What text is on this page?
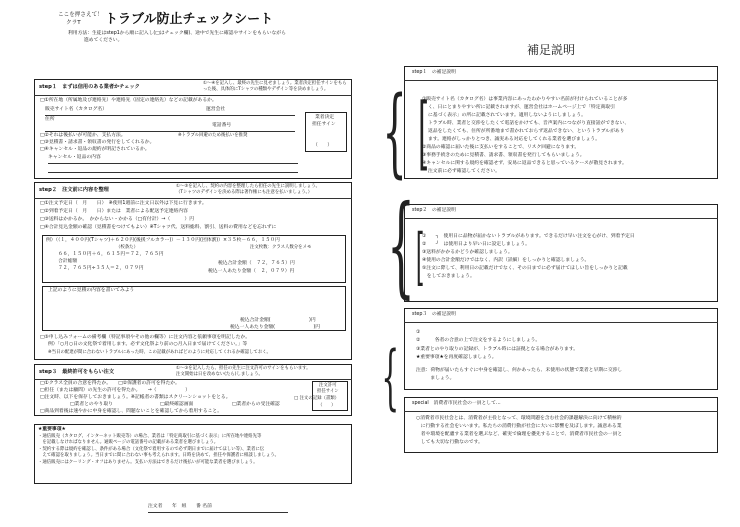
ここを押さえて！
クラT トラブル防止チェックシート
利用方法：生徒はstep1から順に記入し(□はチェック欄)、途中で先生に確認やサインをもらいながら
進めてください。
step１　まずは信用のある業者かチェック
①～④を記入し、最終の先生に見せましょう。業者決定担任サインをもら
った後、具体的にTシャツの種類やデザイン等を決めましょう。
□①所在地（所属地及び連絡先）や連絡先（固定の連絡先）などの記載があるか。
販売サイト名（カタログ名）	運営会社
住所
電話番号
□②それは後払いが可能か、支払方法。	※トラブル回避のため後払いを推奨
□③見積書・請求書・領収書の発行をしてくれるか。
□④キャンセル・返品の規約が明記されているか。
キャンセル・返品の内容
業者決定
担任サイン
（　　）
step２　注文前に内容を整理
①～⑤を記入し、契約の内容を整理したら担任の先生に説明しましょう。
（Tシャツのデザインを決める際は著作権にも注意を払いましょう。）
□①注文予定日（　月　　日）　※使用1週前に注文日以外は下見に行きます。
□②到着予定日（　月　　日）または　業者による配送予定連絡内容
□③送料はかかるか。　かからない・かかる（□有付計）→（　　　）円
□④合計見込金額の確認（見積書をつけてもよい）※Tシャツ代、送料総料、割引、送料の費用などを忘れずに
例）（（１，４００円(Tシャツ)＋６２０円(後援フルカラー)）－１３０円(団体割)）×３５枚－６６，１５０円
（校条た）	注文枚数：クラス人数分をメモ
６６，１５０円＋６，６１５円＝７２，７６５円
合計総額	税込合計金額（　７２，７６５）円
７２，７６５円÷３５人＝２，０７９円
税込一人あたり金額（　２，０７９）円
上記のように見積の内容を書いてみよう
税込合計金額(　　　　　　　　)円
税込一人あたり金額(　　　　　　　　)円
□⑤申し込みフォームの備考欄（特記事項やその他の欄等）に注文内容と依頼事項を明記したか。
例）「○月○日の文化祭で着用します。必ず文化祭より前の○月入日まで届けてください。」等
※当日の配達が間に合わないトラブルにあった時、この記載があればどのように対応してくれるか確認しておく。
step３　最終許可をもらい注文
①～③を記入したら、担任の先生に注文許可のサインをもらいます。
注文開始は日を改めない(たら)しましょう。
□①クラス全員の合意を得たか。　　□②保護者の許可を得たか。
□担任（または顧問）の先生の許可を得たか。　　→（　　　　　　）
□注文時、以下を保存しておきましょう。※記帳者の書類はスクリーンショットをとる。
□業者とのやり取り	□最終確認画面	□業者からの受注確認
□ 注文の記録（書類）
□商品到着後は速やかに中身を確認し、問題ないことを確認してから着用すること。
注文許可
担任サイン
（　　）
★重要事項★
・通信販売（カタログ、インターネット販売等）の場合、業者は「特定商取引に基づく表示」に所在地や連絡先等
　を記載しなければなりません。通販ページの電話番号の記載がある業者を選びましょう。
・契約する際は規約を確認し、条件がある場合（文化祭で着用するので必ず期日までに届けてほしい等）、業者に伝
　えて確認を取りましょう。当日までに間に合わない事も考えられます。日時を決めて、担任や保護者に相談しましょう。
・通信販売にはクーリング・オフはありません。支払い方法はできるだけ後払いが可能な業者を選びましょう。
注文者　　年　組　　番 名前
補足説明
{
{
{
step１　の補足説明
[
①販売サイト名（カタログ名）は事業内容にあったわかりやすい名前が付けられていることが多
く、日にとまりやすい所に記載されますが、運営会社はホームページ上で「特定商取引
に基づく表示」の所に記載されています。適用しないようにしましょう。
トラブル時、業者と交渉をしたくて電話をかけても、音声案内につながり直接話ができない、
返品をしたくても、住所が所番地まで書かれておらず返品できない、というトラブルがあり
ます。連絡がしっかりとつき、誠実ある対応をしてくれる業者を選びましょう。
②商品の確認に届いた後に支払いをすることで、リスク回避になります。
③事務手続きのために見積書、請求書、領収書を発行してもらいましょう。
④キャンセルに関する規約を確認せず、安易に返品できると思っているケースが散見されます。
注文前に必ず確認してください。
step２　の補足説明
[
①　　┐　使用日に品物が届かないトラブルがあります。できるだけ早い注文を心がけ、到着予定日
②　　┘　は使用日より早い日に設定しましょう。
③送料がかかるかどうか確認しましょう。
④使用の合計金額だけではなく、内訳（詳細）をしっかりと確認しましょう。
⑤注文に際して、利用日の記載だけでなく、その日までに必ず届けてほしい旨をしっかりと記載
　をしておきましょう。
step３　の補足説明
①
②　　　各者の合意の上で注文をするようにしましょう。
③業者とのやり取りの記録が、トラブル時には証拠となる場合があります。
★重要事項★を再度確認しましょう。
注意：荷物が届いたらすぐに中身を確認し、何かあったら、未使用の状態で業者と早期に交渉し
　　　ましょう。
special　消費者市民社会の一員として…
○消費者市民社会とは、消費者が主役となって、環境問題を含む社会的課題解決に向けて積極的
　に行動する社会をいいます。私たちの消費行動が社会に大いに影響を及ぼします。誠意ある業
　者や環境を配慮する業者を選ぶなど、確実で倫理を優先することで、消費者市民社会の一員と
　しても大切な行動なのです。
